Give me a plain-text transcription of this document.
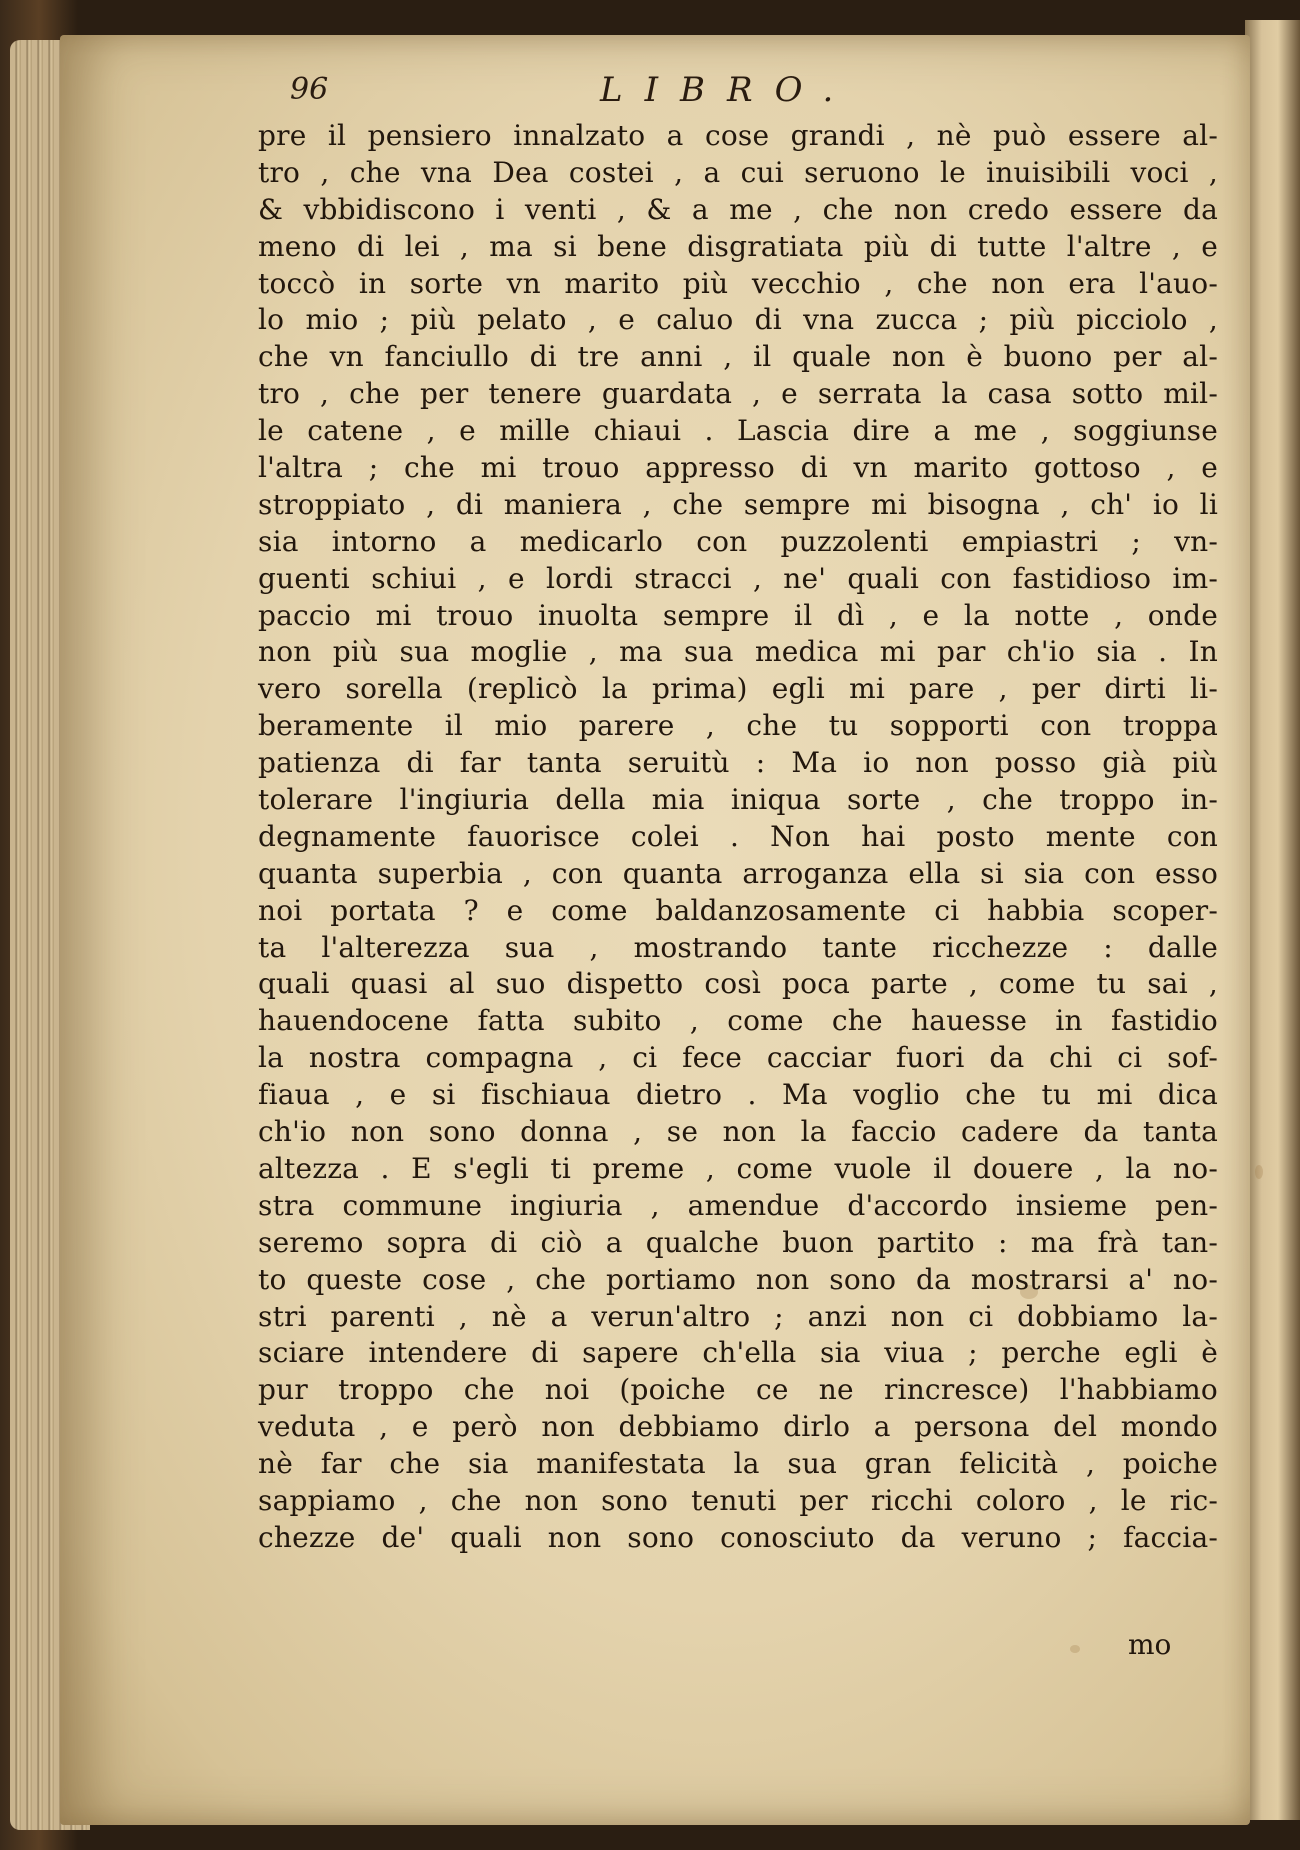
96	LIBRO.
pre il pensiero innalzato a cose grandi , nè può essere al-
tro , che vna Dea costei , a cui seruono le inuisibili voci ,
& vbbidiscono i venti , & a me , che non credo essere da
meno di lei , ma si bene disgratiata più di tutte l'altre , e
toccò in sorte vn marito più vecchio , che non era l'auo-
lo mio ; più pelato , e caluo di vna zucca ; più picciolo ,
che vn fanciullo di tre anni , il quale non è buono per al-
tro , che per tenere guardata , e serrata la casa sotto mil-
le catene , e mille chiaui . Lascia dire a me , soggiunse
l'altra ; che mi trouo appresso di vn marito gottoso , e
stroppiato , di maniera , che sempre mi bisogna , ch' io li
sia intorno a medicarlo con puzzolenti empiastri ; vn-
guenti schiui , e lordi stracci , ne' quali con fastidioso im-
paccio mi trouo inuolta sempre il dì , e la notte , onde
non più sua moglie , ma sua medica mi par ch'io sia . In
vero sorella (replicò la prima) egli mi pare , per dirti li-
beramente il mio parere , che tu sopporti con troppa
patienza di far tanta seruitù : Ma io non posso già più
tolerare l'ingiuria della mia iniqua sorte , che troppo in-
degnamente fauorisce colei . Non hai posto mente con
quanta superbia , con quanta arroganza ella si sia con esso
noi portata ? e come baldanzosamente ci habbia scoper-
ta l'alterezza sua , mostrando tante ricchezze : dalle
quali quasi al suo dispetto così poca parte , come tu sai ,
hauendocene fatta subito , come che hauesse in fastidio
la nostra compagna , ci fece cacciar fuori da chi ci sof-
fiaua , e si fischiaua dietro . Ma voglio che tu mi dica
ch'io non sono donna , se non la faccio cadere da tanta
altezza . E s'egli ti preme , come vuole il douere , la no-
stra commune ingiuria , amendue d'accordo insieme pen-
seremo sopra di ciò a qualche buon partito : ma frà tan-
to queste cose , che portiamo non sono da mostrarsi a' no-
stri parenti , nè a verun'altro ; anzi non ci dobbiamo la-
sciare intendere di sapere ch'ella sia viua ; perche egli è
pur troppo che noi (poiche ce ne rincresce) l'habbiamo
veduta , e però non debbiamo dirlo a persona del mondo
nè far che sia manifestata la sua gran felicità , poiche
sappiamo , che non sono tenuti per ricchi coloro , le ric-
chezze de' quali non sono conosciuto da veruno ; faccia-
mo
